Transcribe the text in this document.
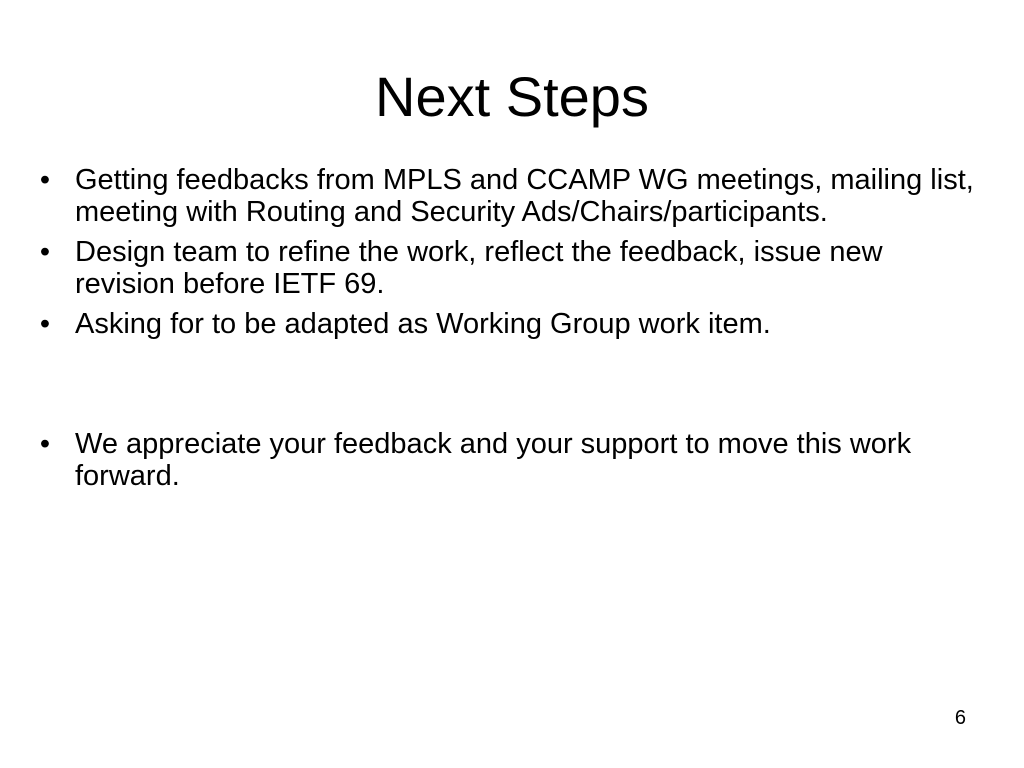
Next Steps
• Getting feedbacks from MPLS and CCAMP WG meetings, mailing list, meeting with Routing and Security Ads/Chairs/participants.
• Design team to refine the work, reflect the feedback, issue new revision before IETF 69.
• Asking for to be adapted as Working Group work item.
• We appreciate your feedback and your support to move this work forward.
6
